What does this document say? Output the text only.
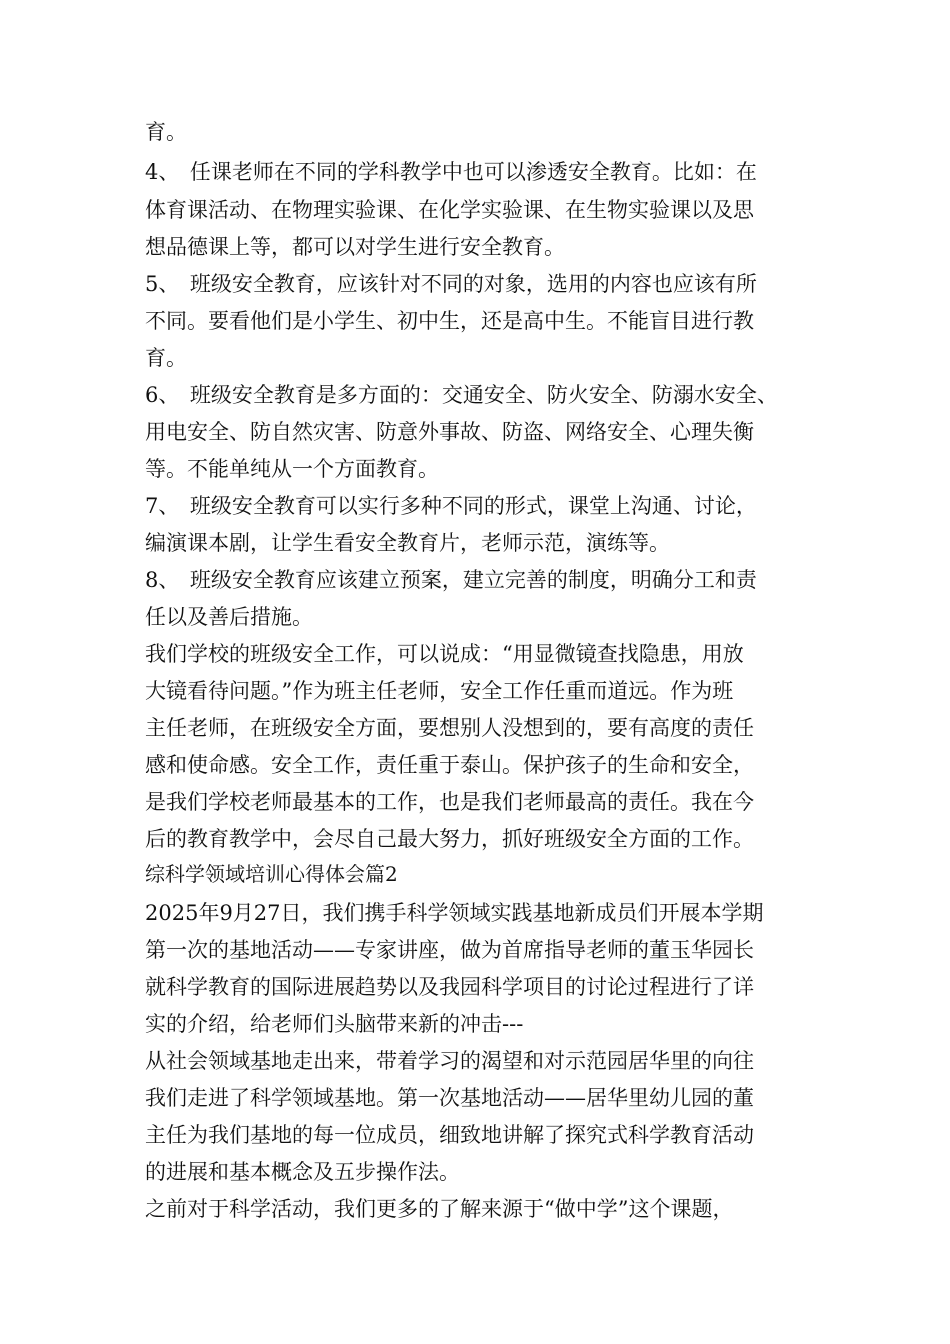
育。
4、　任课老师在不同的学科教学中也可以渗透安全教育。比如：在
体育课活动、在物理实验课、在化学实验课、在生物实验课以及思
想品德课上等，都可以对学生进行安全教育。
5、　班级安全教育，应该针对不同的对象，选用的内容也应该有所
不同。要看他们是小学生、初中生，还是高中生。不能盲目进行教
育。
6、　班级安全教育是多方面的：交通安全、防火安全、防溺水安全、
用电安全、防自然灾害、防意外事故、防盗、网络安全、心理失衡
等。不能单纯从一个方面教育。
7、　班级安全教育可以实行多种不同的形式，课堂上沟通、讨论，
编演课本剧，让学生看安全教育片，老师示范，演练等。
8、　班级安全教育应该建立预案，建立完善的制度，明确分工和责
任以及善后措施。
我们学校的班级安全工作，可以说成：“用显微镜查找隐患，用放
大镜看待问题。”作为班主任老师，安全工作任重而道远。作为班
主任老师，在班级安全方面，要想别人没想到的，要有高度的责任
感和使命感。安全工作，责任重于泰山。保护孩子的生命和安全，
是我们学校老师最基本的工作，也是我们老师最高的责任。我在今
后的教育教学中，会尽自己最大努力，抓好班级安全方面的工作。
综科学领域培训心得体会篇2
2025年9月27日，我们携手科学领域实践基地新成员们开展本学期
第一次的基地活动——专家讲座，做为首席指导老师的董玉华园长
就科学教育的国际进展趋势以及我园科学项目的讨论过程进行了详
实的介绍，给老师们头脑带来新的冲击---
从社会领域基地走出来，带着学习的渴望和对示范园居华里的向往
我们走进了科学领域基地。第一次基地活动——居华里幼儿园的董
主任为我们基地的每一位成员，细致地讲解了探究式科学教育活动
的进展和基本概念及五步操作法。
之前对于科学活动，我们更多的了解来源于“做中学”这个课题，
